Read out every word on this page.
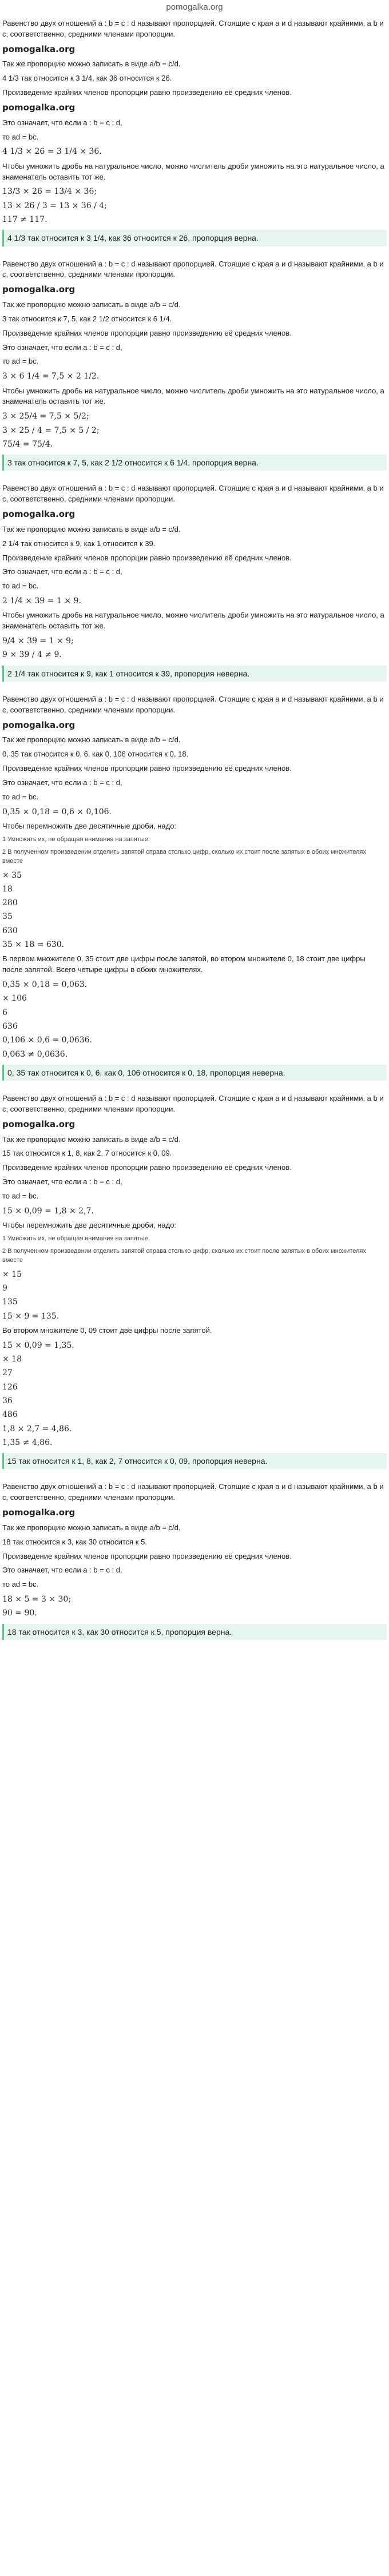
pomogalka.org

Равенство двух отношений a : b = c : d называют пропорцией. Стоящие с края a и d называют крайними, а b и c, соответственно, средними членами пропорции.

pomogalka.org

Так же пропорцию можно записать в виде a/b = c/d.

4 1/3 так относится к 3 1/4, как 36 относится к 26.

Произведение крайних членов пропорции равно произведению её средних членов.

pomogalka.org

Это означает, что если a : b = c : d,

то ad = bc.

4 1/3 × 26 = 3 1/4 × 36.

Чтобы умножить дробь на натуральное число, можно числитель дроби умножить на это натуральное число, а знаменатель оставить тот же.

13/3 × 26 = 13/4 × 36;
13 × 26 / 3 = 13 × 36 / 4;
117 ≠ 117.
4 1/3 так относится к 3 1/4, как 36 относится к 26, пропорция верна.

Равенство двух отношений a : b = c : d называют пропорцией. Стоящие с края a и d называют крайними, а b и c, соответственно, средними членами пропорции.

pomogalka.org

Так же пропорцию можно записать в виде a/b = c/d.

3 так относится к 7, 5, как 2 1/2 относится к 6 1/4.

Произведение крайних членов пропорции равно произведению её средних членов.

Это означает, что если a : b = c : d,

то ad = bc.

3 × 6 1/4 = 7,5 × 2 1/2.

Чтобы умножить дробь на натуральное число, можно числитель дроби умножить на это натуральное число, а знаменатель оставить тот же.

3 × 25/4 = 7,5 × 5/2;
3 × 25 / 4 = 7,5 × 5 / 2;
75/4 = 75/4.
3 так относится к 7, 5, как 2 1/2 относится к 6 1/4, пропорция верна.

Равенство двух отношений a : b = c : d называют пропорцией. Стоящие с края a и d называют крайними, а b и c, соответственно, средними членами пропорции.

pomogalka.org

Так же пропорцию можно записать в виде a/b = c/d.

2 1/4 так относится к 9, как 1 относится к 39.

Произведение крайних членов пропорции равно произведению её средних членов.

Это означает, что если a : b = c : d,

то ad = bc.

2 1/4 × 39 = 1 × 9.

Чтобы умножить дробь на натуральное число, можно числитель дроби умножить на это натуральное число, а знаменатель оставить тот же.

9/4 × 39 = 1 × 9;
9 × 39 / 4 ≠ 9.
2 1/4 так относится к 9, как 1 относится к 39, пропорция неверна.

Равенство двух отношений a : b = c : d называют пропорцией. Стоящие с края a и d называют крайними, а b и c, соответственно, средними членами пропорции.

pomogalka.org

Так же пропорцию можно записать в виде a/b = c/d.

0, 35 так относится к 0, 6, как 0, 106 относится к 0, 18.

Произведение крайних членов пропорции равно произведению её средних членов.

Это означает, что если a : b = c : d,

то ad = bc.

0,35 × 0,18 = 0,6 × 0,106.

Чтобы перемножить две десятичные дроби, надо:

1 Умножить их, не обращая внимания на запятые.

2 В полученном произведении отделить запятой справа столько цифр, сколько их стоит после запятых в обоих множителях вместе

× 35
18
280
35
630
35 × 18 = 630.

В первом множителе 0, 35 стоит две цифры после запятой, во втором множителе 0, 18 стоит две цифры после запятой. Всего четыре цифры в обоих множителях.

0,35 × 0,18 = 0,063.
× 106
6
636
0,106 × 0,6 = 0,0636.
0,063 ≠ 0,0636.
0, 35 так относится к 0, 6, как 0, 106 относится к 0, 18, пропорция неверна.

Равенство двух отношений a : b = c : d называют пропорцией. Стоящие с края a и d называют крайними, а b и c, соответственно, средними членами пропорции.

pomogalka.org

Так же пропорцию можно записать в виде a/b = c/d.

15 так относится к 1, 8, как 2, 7 относится к 0, 09.

Произведение крайних членов пропорции равно произведению её средних членов.

Это означает, что если a : b = c : d,

то ad = bc.

15 × 0,09 = 1,8 × 2,7.

Чтобы перемножить две десятичные дроби, надо:

1 Умножить их, не обращая внимания на запятые.

2 В полученном произведении отделить запятой справа столько цифр, сколько их стоит после запятых в обоих множителях вместе

× 15
9
135
15 × 9 = 135.

Во втором множителе 0, 09 стоит две цифры после запятой.

15 × 0,09 = 1,35.
× 18
27
126
36
486
1,8 × 2,7 = 4,86.
1,35 ≠ 4,86.
15 так относится к 1, 8, как 2, 7 относится к 0, 09, пропорция неверна.

Равенство двух отношений a : b = c : d называют пропорцией. Стоящие с края a и d называют крайними, а b и c, соответственно, средними членами пропорции.

pomogalka.org

Так же пропорцию можно записать в виде a/b = c/d.

18 так относится к 3, как 30 относится к 5.

Произведение крайних членов пропорции равно произведению её средних членов.

Это означает, что если a : b = c : d,

то ad = bc.

18 × 5 = 3 × 30;
90 = 90.
18 так относится к 3, как 30 относится к 5, пропорция верна.
